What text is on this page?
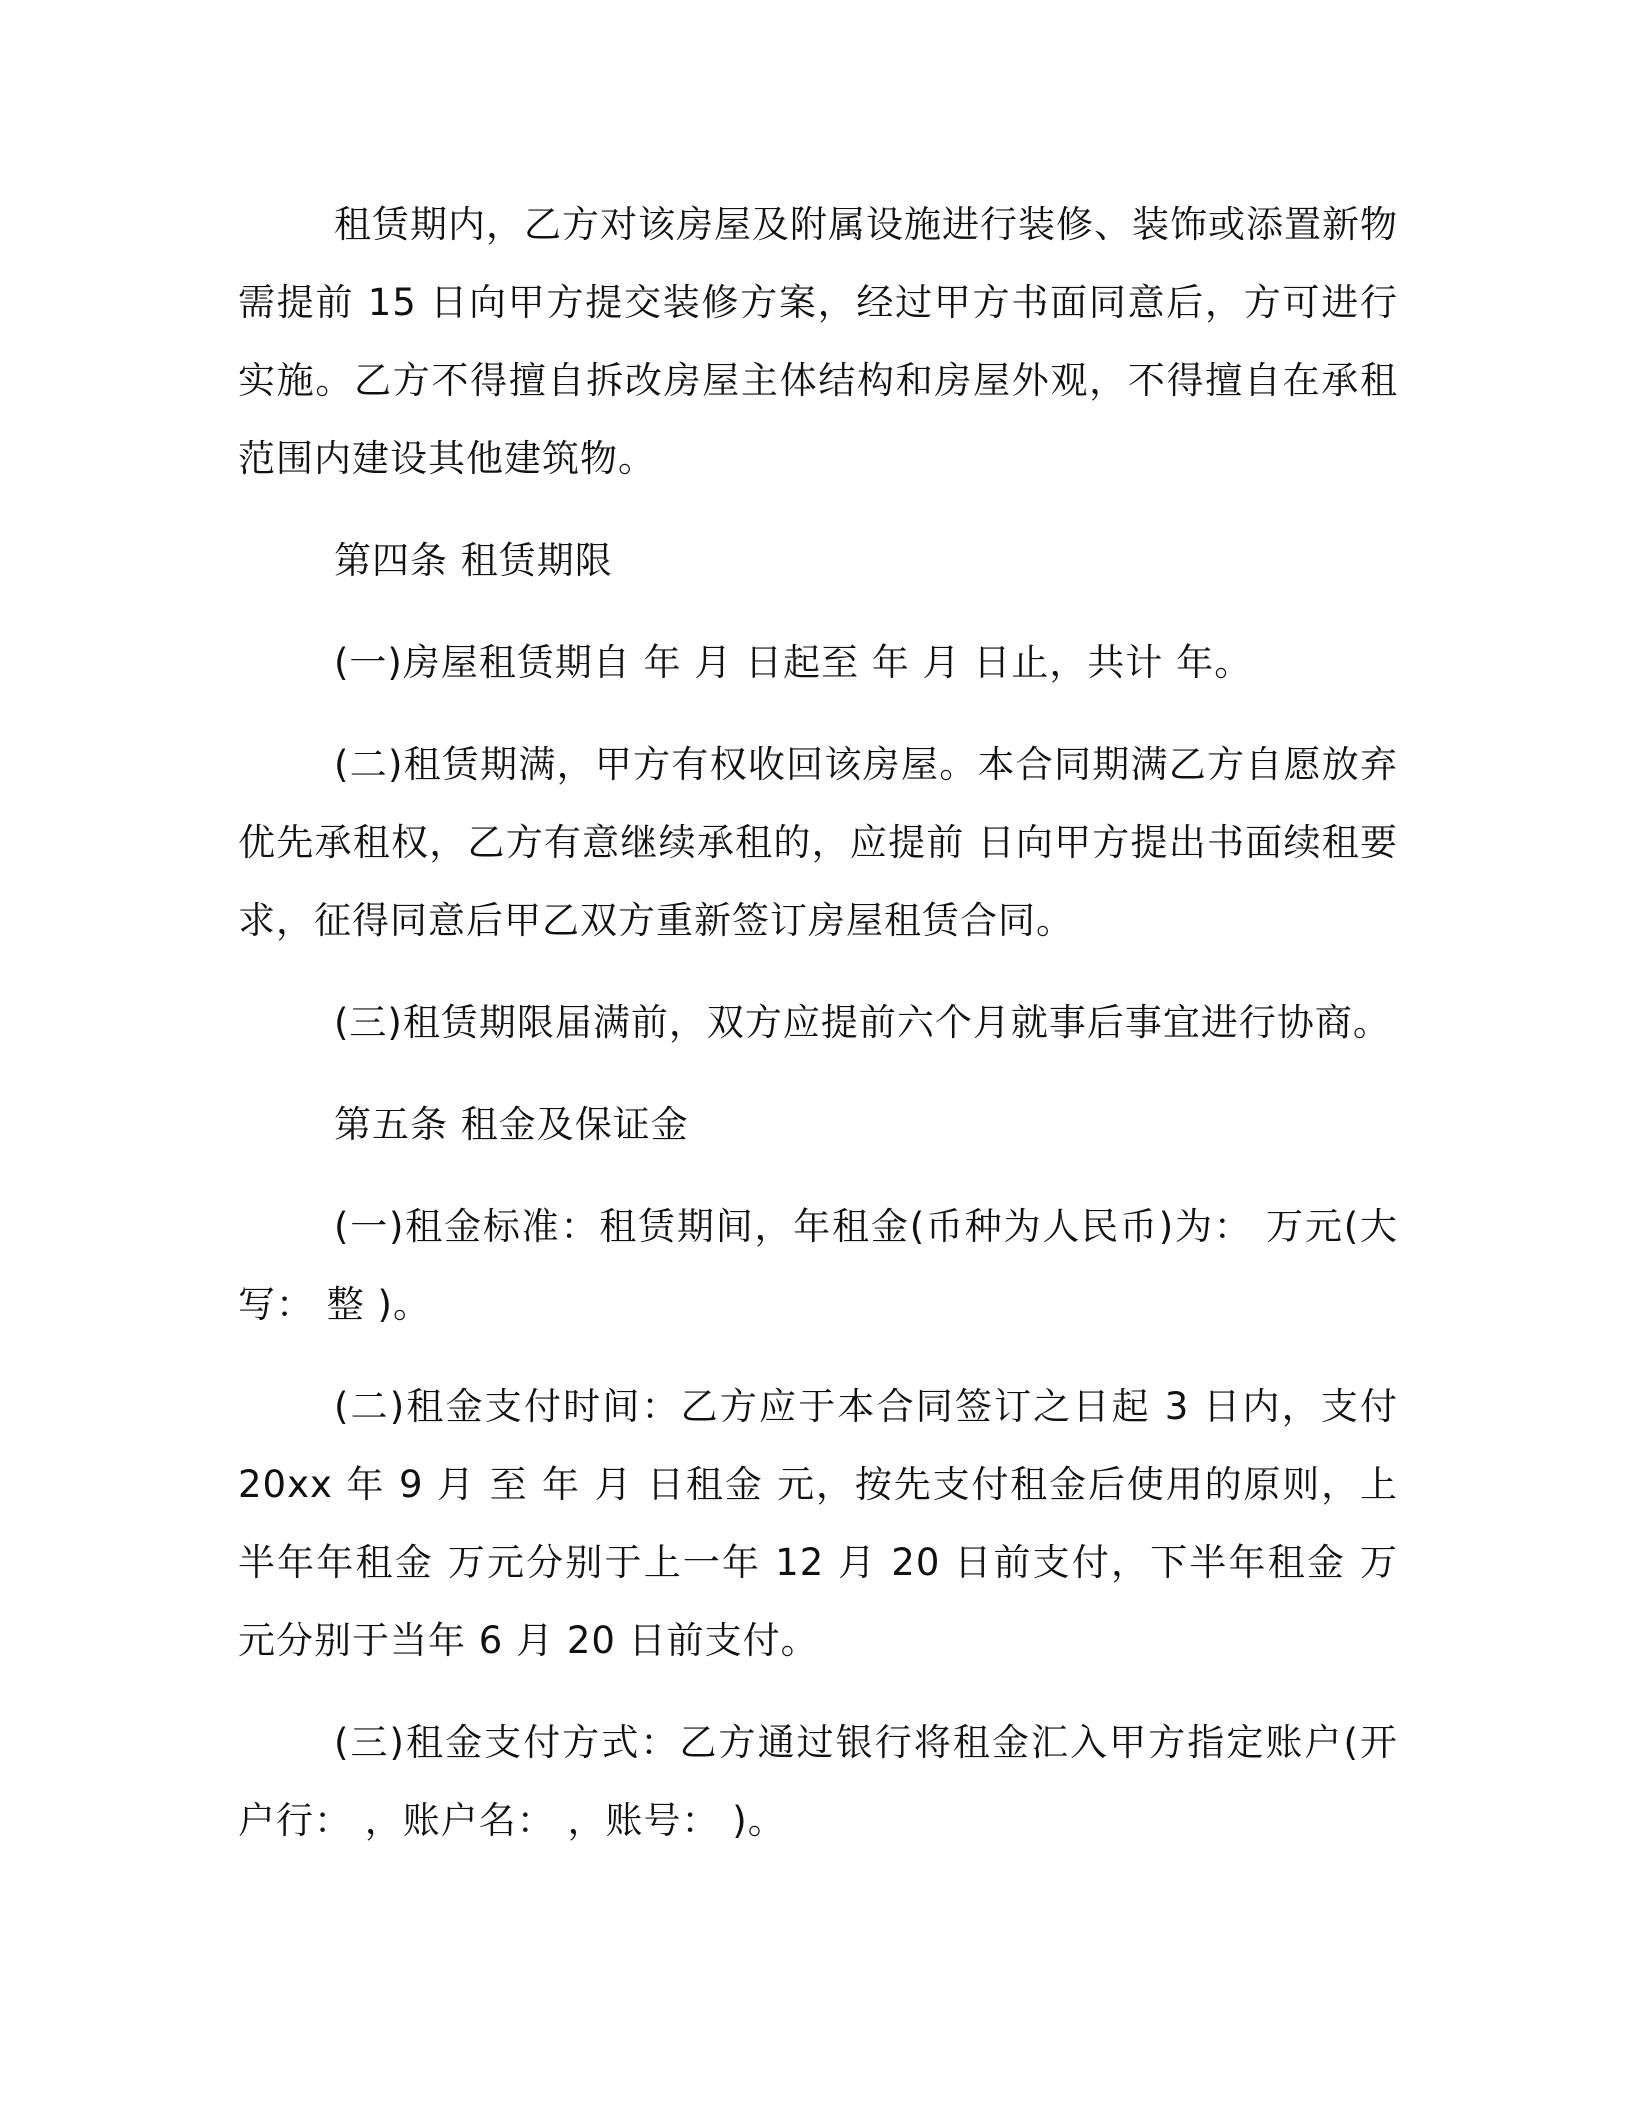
租赁期内，乙方对该房屋及附属设施进行装修、装饰或添置新物需提前 15 日向甲方提交装修方案，经过甲方书面同意后，方可进行实施。乙方不得擅自拆改房屋主体结构和房屋外观，不得擅自在承租范围内建设其他建筑物。

第四条 租赁期限

(一)房屋租赁期自 年 月 日起至 年 月 日止，共计 年。

(二)租赁期满，甲方有权收回该房屋。本合同期满乙方自愿放弃优先承租权，乙方有意继续承租的，应提前 日向甲方提出书面续租要求，征得同意后甲乙双方重新签订房屋租赁合同。

(三)租赁期限届满前，双方应提前六个月就事后事宜进行协商。

第五条 租金及保证金

(一)租金标准：租赁期间，年租金(币种为人民币)为： 万元(大写： 整 )。

(二)租金支付时间：乙方应于本合同签订之日起 3 日内，支付 20xx 年 9 月 至 年 月 日租金 元，按先支付租金后使用的原则，上半年年租金 万元分别于上一年 12 月 20 日前支付，下半年租金 万元分别于当年 6 月 20 日前支付。

(三)租金支付方式：乙方通过银行将租金汇入甲方指定账户(开户行： ，账户名： ，账号： )。
